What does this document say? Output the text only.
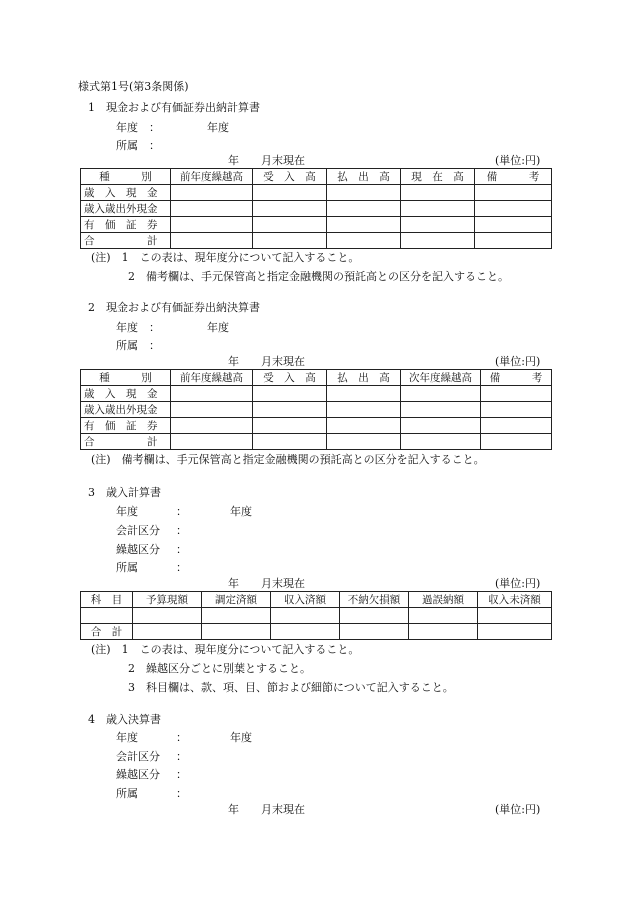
様式第1号(第3条関係)
1　現金および有価証券出納計算書
年度　：	年度
所属　：
年　　月末現在	(単位:円)
種　　　別	前年度繰越高	受　入　高	払　出　高	現　在　高	備　　　考
歳　入　現　金					
歳入歳出外現金					
有　価　証　券					
合　　　　　計					
(注)　1　この表は、現年度分について記入すること。
2　備考欄は、手元保管高と指定金融機関の預託高との区分を記入すること。
2　現金および有価証券出納決算書
年度　：	年度
所属　：
年　　月末現在	(単位:円)
種　　　別	前年度繰越高	受　入　高	払　出　高	次年度繰越高	備　　　考
歳　入　現　金					
歳入歳出外現金					
有　価　証　券					
合　　　　　計					
(注)　備考欄は、手元保管高と指定金融機関の預託高との区分を記入すること。
3　歳入計算書
年度	：	年度
会計区分 ：
繰越区分 ：
所属	：
年　　月末現在	(単位:円)
科　目	予算現額	調定済額	収入済額	不納欠損額	過誤納額	収入未済額

合　計						
(注)　1　この表は、現年度分について記入すること。
2　繰越区分ごとに別葉とすること。
3　科目欄は、款、項、目、節および細節について記入すること。
4　歳入決算書
年度	：	年度
会計区分 ：
繰越区分 ：
所属	：
年　　月末現在	(単位:円)
